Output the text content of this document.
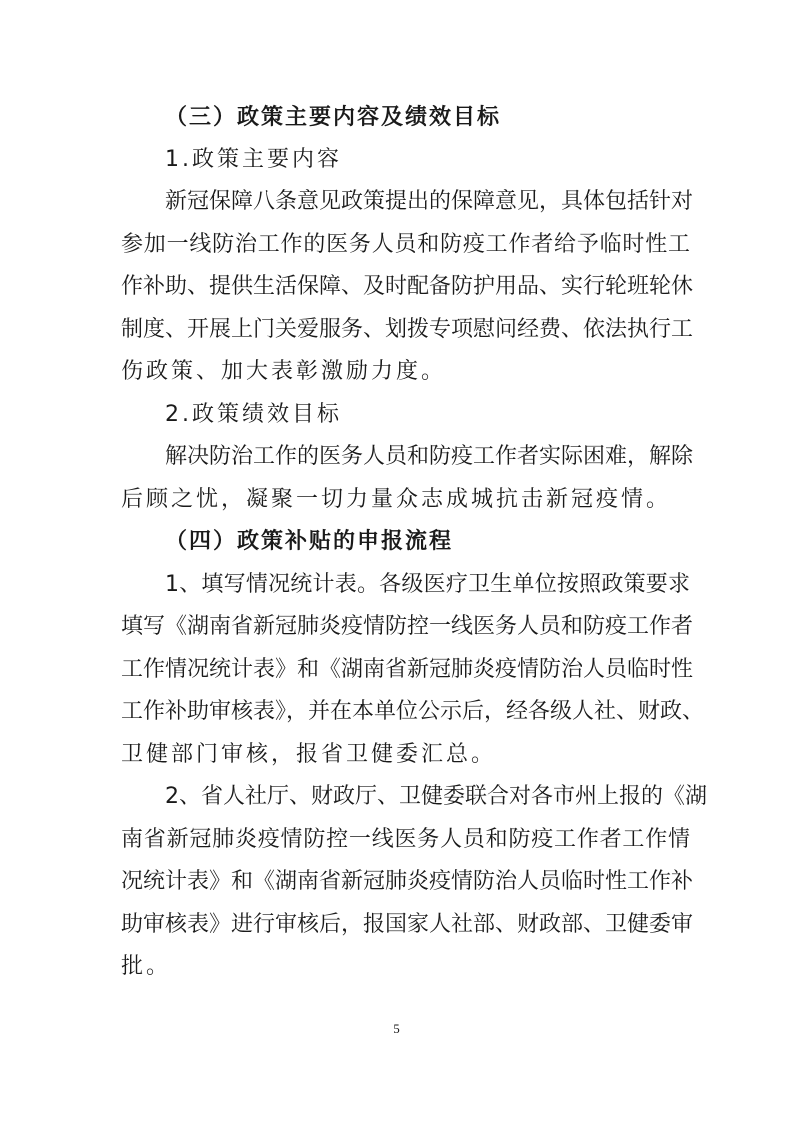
（三）政策主要内容及绩效目标
1.政策主要内容
新冠保障八条意见政策提出的保障意见，具体包括针对
参加一线防治工作的医务人员和防疫工作者给予临时性工
作补助、提供生活保障、及时配备防护用品、实行轮班轮休
制度、开展上门关爱服务、划拨专项慰问经费、依法执行工
伤政策、加大表彰激励力度。
2.政策绩效目标
解决防治工作的医务人员和防疫工作者实际困难，解除
后顾之忧，凝聚一切力量众志成城抗击新冠疫情。
（四）政策补贴的申报流程
1、填写情况统计表。各级医疗卫生单位按照政策要求
填写《湖南省新冠肺炎疫情防控一线医务人员和防疫工作者
工作情况统计表》和《湖南省新冠肺炎疫情防治人员临时性
工作补助审核表》，并在本单位公示后，经各级人社、财政、
卫健部门审核，报省卫健委汇总。
2、省人社厅、财政厅、卫健委联合对各市州上报的《湖
南省新冠肺炎疫情防控一线医务人员和防疫工作者工作情
况统计表》和《湖南省新冠肺炎疫情防治人员临时性工作补
助审核表》进行审核后，报国家人社部、财政部、卫健委审
批。
5
